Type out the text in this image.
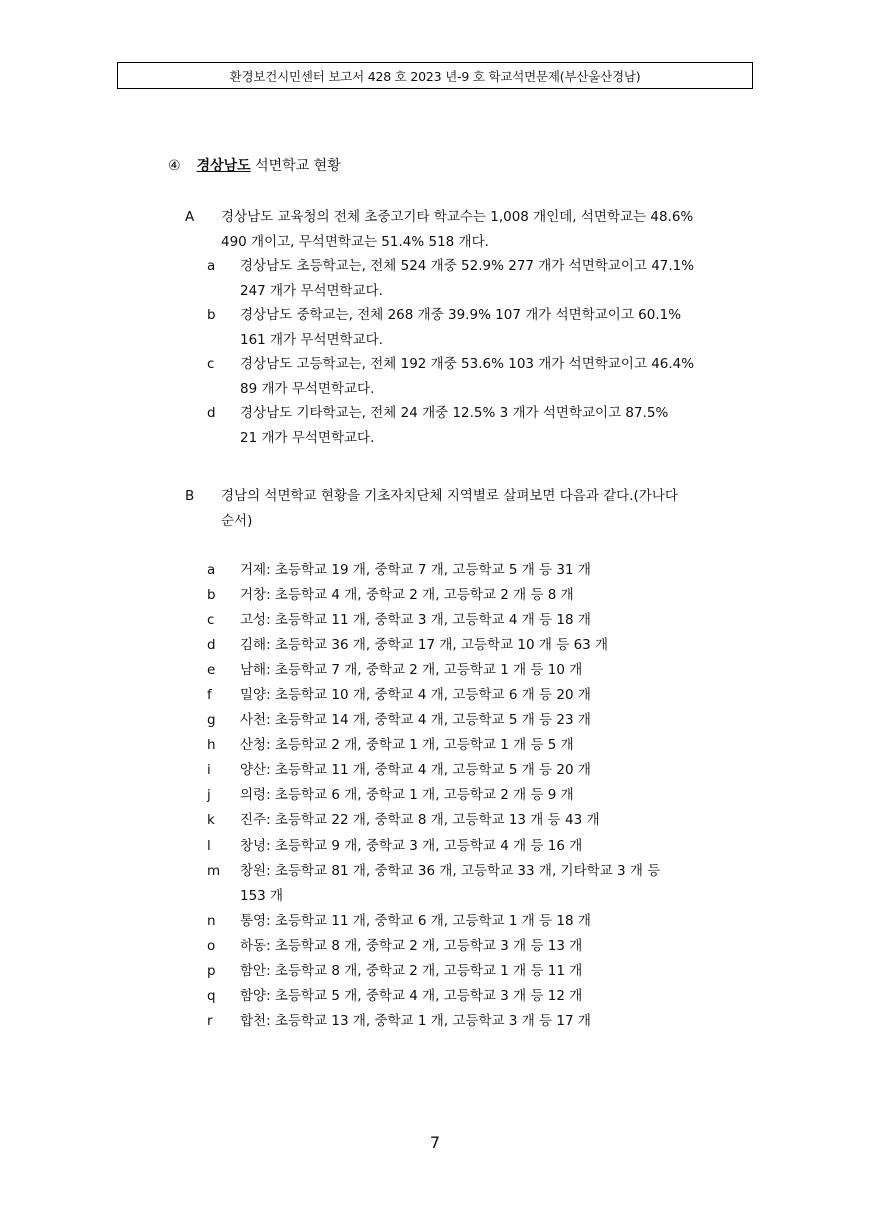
환경보건시민센터 보고서 428 호 2023 년-9 호 학교석면문제(부산울산경남)
④ 경상남도 석면학교 현황
A 경상남도 교육청의 전체 초중고기타 학교수는 1,008 개인데, 석면학교는 48.6%
490 개이고, 무석면학교는 51.4% 518 개다.
a 경상남도 초등학교는, 전체 524 개중 52.9% 277 개가 석면학교이고 47.1%
247 개가 무석면학교다.
b 경상남도 중학교는, 전체 268 개중 39.9% 107 개가 석면학교이고 60.1%
161 개가 무석면학교다.
c 경상남도 고등학교는, 전체 192 개중 53.6% 103 개가 석면학교이고 46.4%
89 개가 무석면학교다.
d 경상남도 기타학교는, 전체 24 개중 12.5% 3 개가 석면학교이고 87.5%
21 개가 무석면학교다.
B 경남의 석면학교 현황을 기초자치단체 지역별로 살펴보면 다음과 같다.(가나다
순서)
a 거제: 초등학교 19 개, 중학교 7 개, 고등학교 5 개 등 31 개
b 거창: 초등학교 4 개, 중학교 2 개, 고등학교 2 개 등 8 개
c 고성: 초등학교 11 개, 중학교 3 개, 고등학교 4 개 등 18 개
d 김해: 초등학교 36 개, 중학교 17 개, 고등학교 10 개 등 63 개
e 남해: 초등학교 7 개, 중학교 2 개, 고등학교 1 개 등 10 개
f 밀양: 초등학교 10 개, 중학교 4 개, 고등학교 6 개 등 20 개
g 사천: 초등학교 14 개, 중학교 4 개, 고등학교 5 개 등 23 개
h 산청: 초등학교 2 개, 중학교 1 개, 고등학교 1 개 등 5 개
i 양산: 초등학교 11 개, 중학교 4 개, 고등학교 5 개 등 20 개
j 의령: 초등학교 6 개, 중학교 1 개, 고등학교 2 개 등 9 개
k 진주: 초등학교 22 개, 중학교 8 개, 고등학교 13 개 등 43 개
l 창녕: 초등학교 9 개, 중학교 3 개, 고등학교 4 개 등 16 개
m 창원: 초등학교 81 개, 중학교 36 개, 고등학교 33 개, 기타학교 3 개 등
153 개
n 통영: 초등학교 11 개, 중학교 6 개, 고등학교 1 개 등 18 개
o 하동: 초등학교 8 개, 중학교 2 개, 고등학교 3 개 등 13 개
p 함안: 초등학교 8 개, 중학교 2 개, 고등학교 1 개 등 11 개
q 함양: 초등학교 5 개, 중학교 4 개, 고등학교 3 개 등 12 개
r 합천: 초등학교 13 개, 중학교 1 개, 고등학교 3 개 등 17 개
7
